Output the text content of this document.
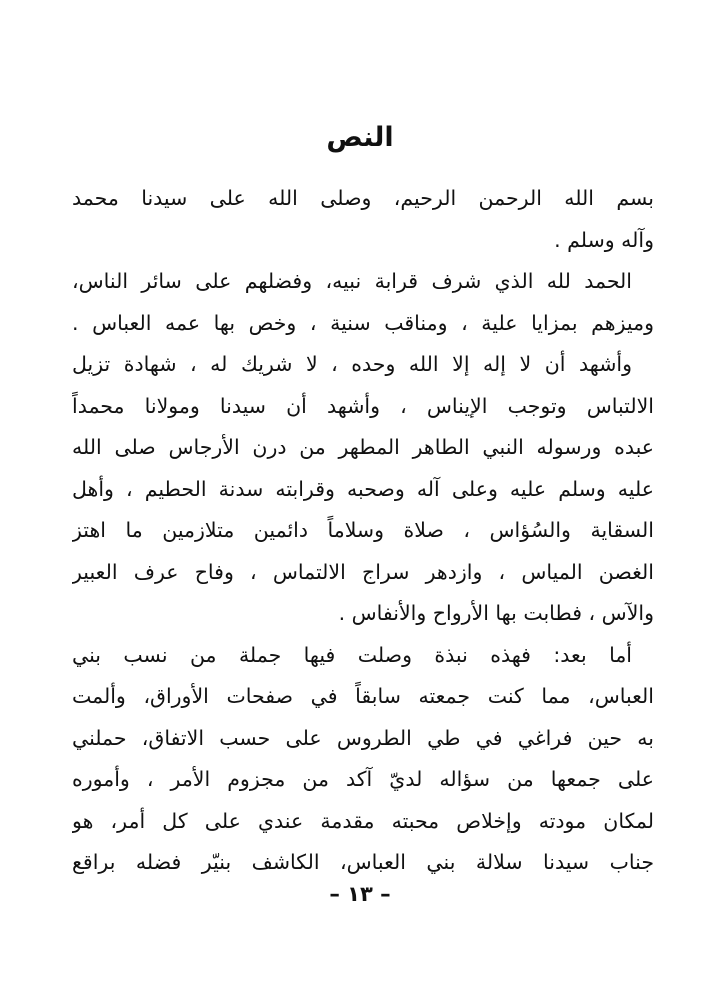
النص
بسم الله الرحمن الرحيم، وصلى الله على سيدنا محمد
وآله وسلم .
الحمد لله الذي شرف قرابة نبيه، وفضلهم على سائر الناس،
وميزهم بمزايا علية ، ومناقب سنية ، وخص بها عمه العباس .
وأشهد أن لا إله إلا الله وحده ، لا شريك له ، شهادة تزيل
الالتباس وتوجب الإيناس ، وأشهد أن سيدنا ومولانا محمداً
عبده ورسوله النبي الطاهر المطهر من درن الأرجاس صلى الله
عليه وسلم عليه وعلى آله وصحبه وقرابته سدنة الحطيم ، وأهل
السقاية والسُؤاس ، صلاة وسلاماً دائمين متلازمين ما اهتز
الغصن المياس ، وازدهر سراج الالتماس ، وفاح عرف العبير
والآس ، فطابت بها الأرواح والأنفاس .
أما بعد: فهذه نبذة وصلت فيها جملة من نسب بني
العباس، مما كنت جمعته سابقاً في صفحات الأوراق، وألمت
به حين فراغي في طي الطروس على حسب الاتفاق، حملني
على جمعها من سؤاله لديّ آكد من مجزوم الأمر ، وأموره
لمكان مودته وإخلاص محبته مقدمة عندي على كل أمر، هو
جناب سيدنا سلالة بني العباس، الكاشف بنيّر فضله براقع
– ١٣ –
